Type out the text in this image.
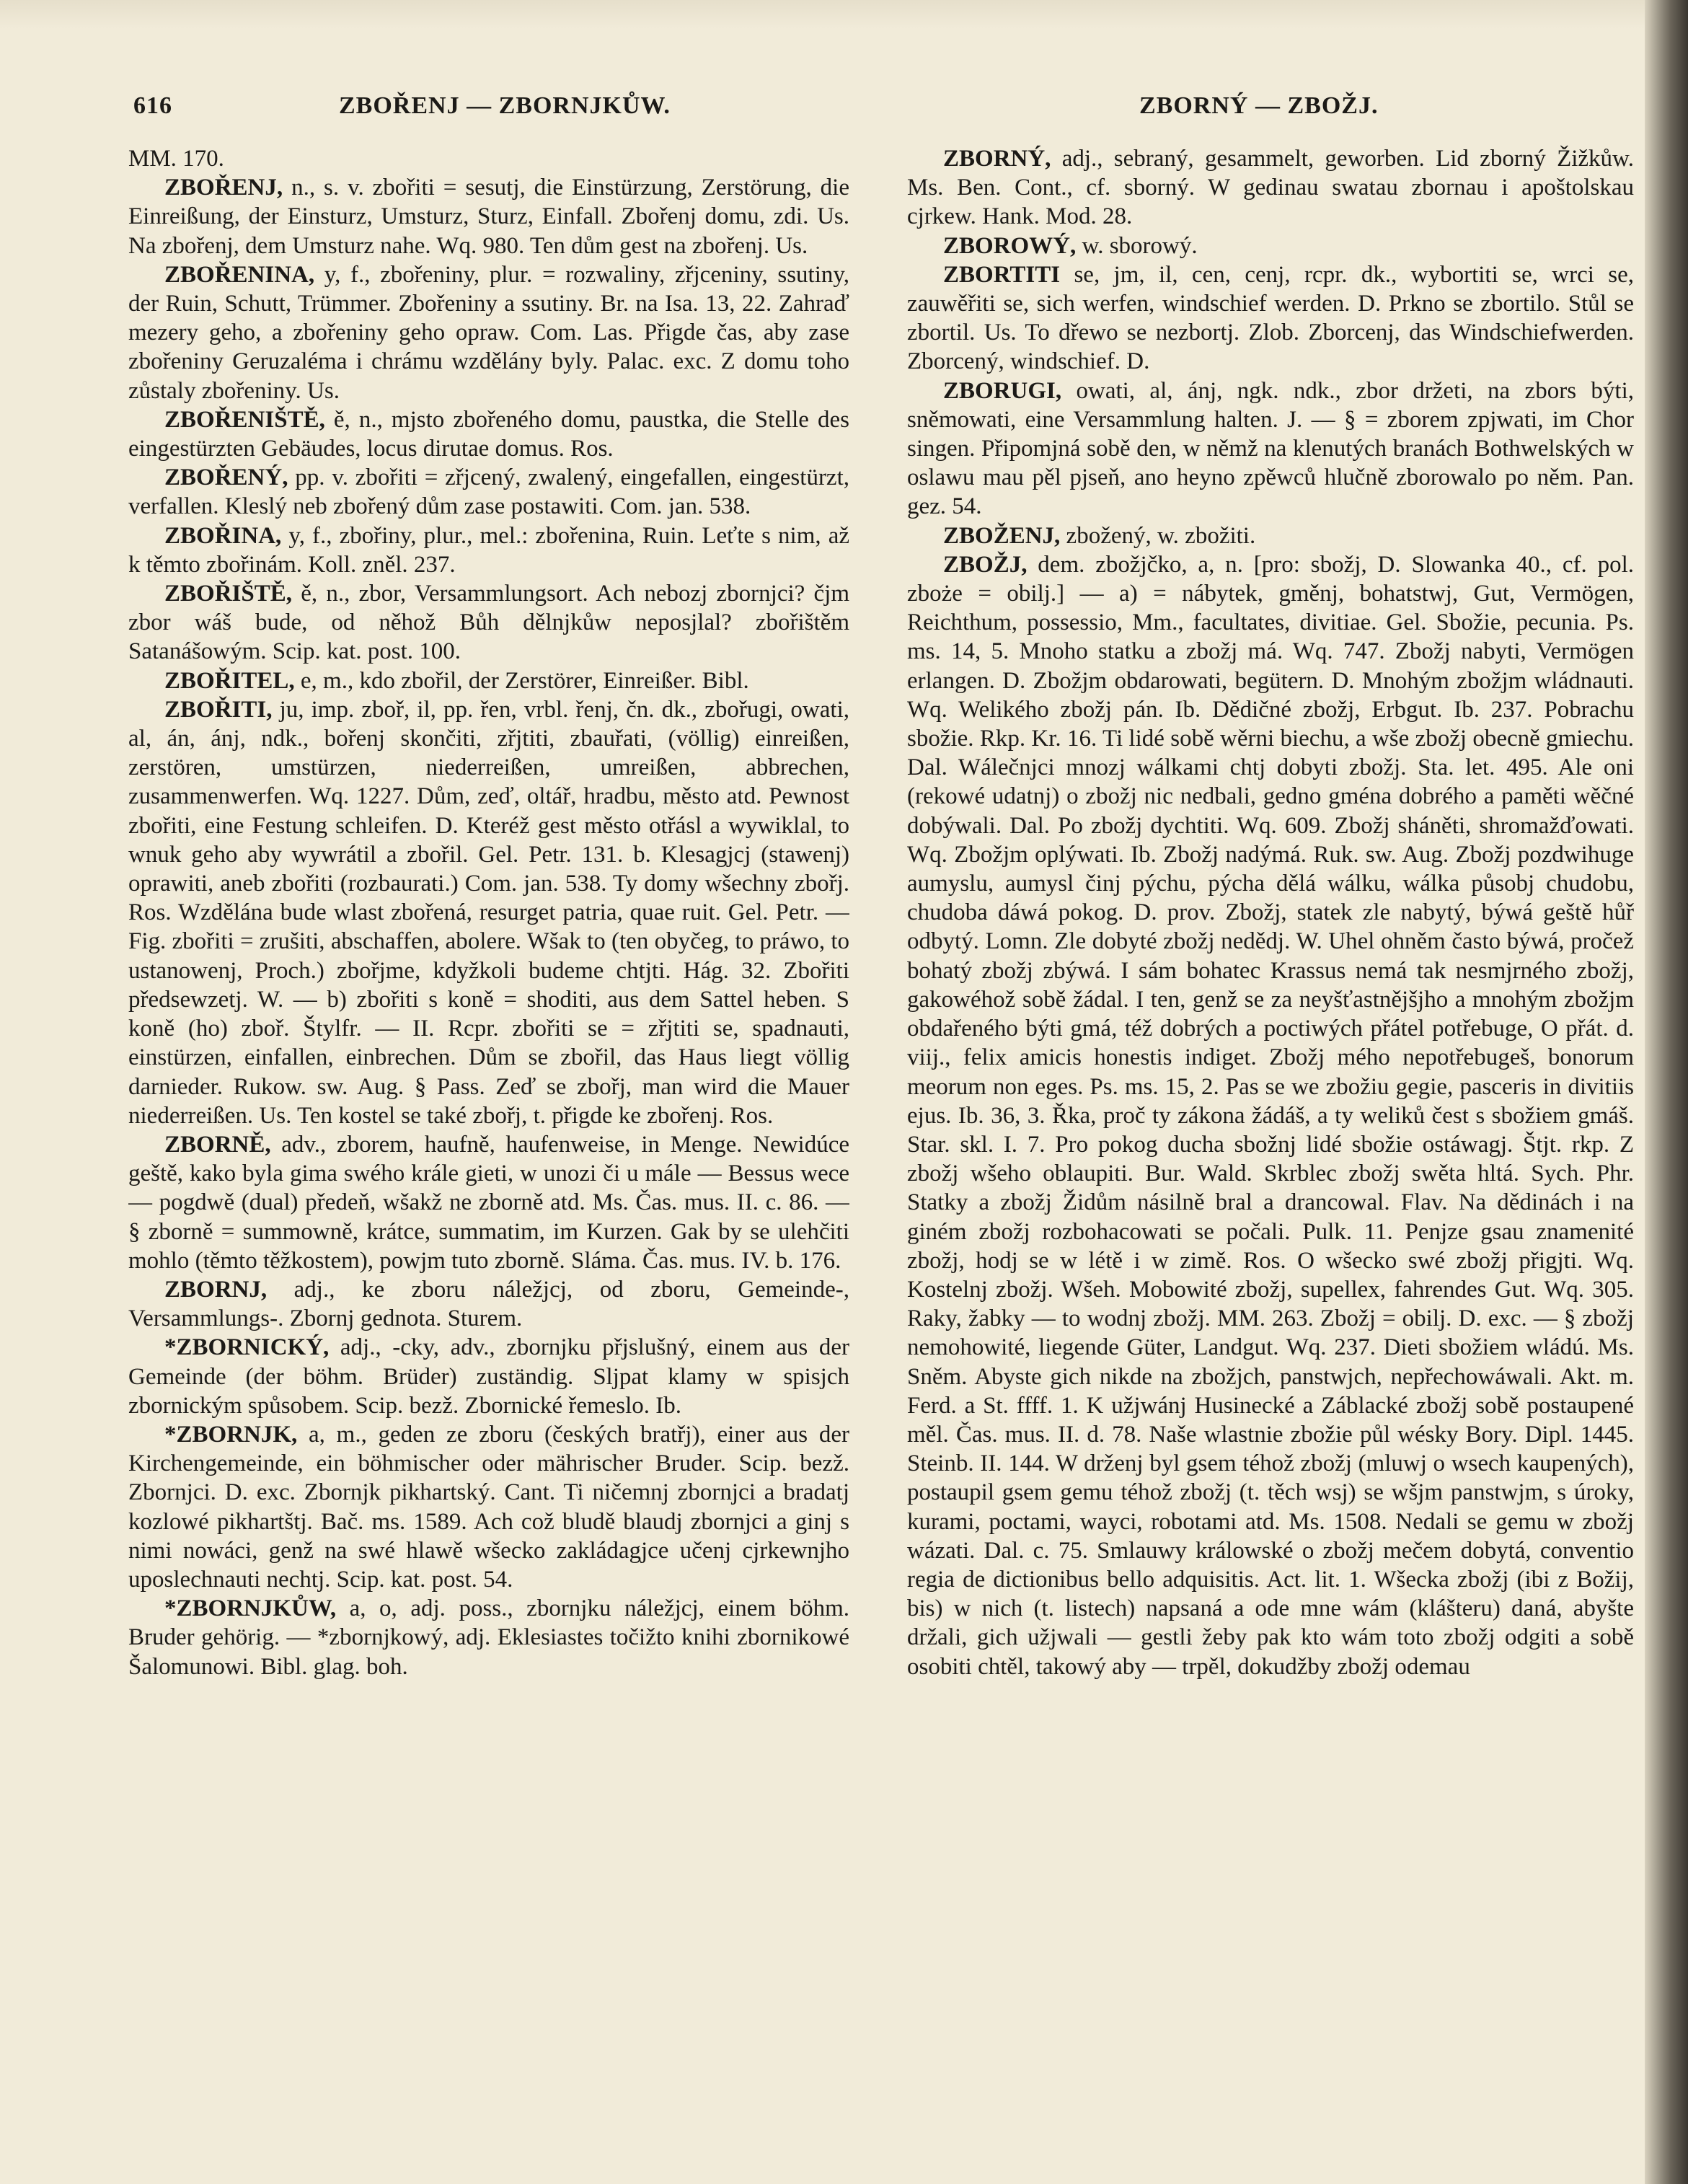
616	ZBOŘENJ — ZBORNJKŮW.	ZBORNÝ — ZBOŽJ.

MM. 170.

ZBOŘENJ, n., s. v. zbořiti = sesutj, die Einstürzung, Zerstörung, die Einreißung, der Einsturz, Umsturz, Sturz, Einfall. Zbořenj domu, zdi. Us. Na zbořenj, dem Umsturz nahe. Wq. 980. Ten dům gest na zbořenj. Us.

ZBOŘENINA, y, f., zbořeniny, plur. = rozwaliny, zřjceniny, ssutiny, der Ruin, Schutt, Trümmer. Zbořeniny a ssutiny. Br. na Isa. 13, 22. Zahraď mezery geho, a zbořeniny geho opraw. Com. Las. Přigde čas, aby zase zbořeniny Geruzaléma i chrámu wzdělány byly. Palac. exc. Z domu toho zůstaly zbořeniny. Us.

ZBOŘENIŠTĚ, ě, n., mjsto zbořeného domu, paustka, die Stelle des eingestürzten Gebäudes, locus dirutae domus. Ros.

ZBOŘENÝ, pp. v. zbořiti = zřjcený, zwalený, eingefallen, eingestürzt, verfallen. Kleslý neb zbořený dům zase postawiti. Com. jan. 538.

ZBOŘINA, y, f., zbořiny, plur., mel.: zbořenina, Ruin. Leťte s nim, až k těmto zbořinám. Koll. zněl. 237.

ZBOŘIŠTĚ, ě, n., zbor, Versammlungsort. Ach nebozj zbornjci? čjm zbor wáš bude, od něhož Bůh dělnjkůw neposjlal? zbořištěm Satanášowým. Scip. kat. post. 100.

ZBOŘITEL, e, m., kdo zbořil, der Zerstörer, Einreißer. Bibl.

ZBOŘITI, ju, imp. zboř, il, pp. řen, vrbl. řenj, čn. dk., zbořugi, owati, al, án, ánj, ndk., bořenj skončiti, zřjtiti, zbauřati, (völlig) einreißen, zerstören, umstürzen, niederreißen, umreißen, abbrechen, zusammenwerfen. Wq. 1227. Dům, zeď, oltář, hradbu, město atd. Pewnost zbořiti, eine Festung schleifen. D. Kteréž gest město otřásl a wywiklal, to wnuk geho aby wywrátil a zbořil. Gel. Petr. 131. b. Klesagjcj (stawenj) oprawiti, aneb zbořiti (rozbaurati.) Com. jan. 538. Ty domy wšechny zbořj. Ros. Wzdělána bude wlast zbořená, resurget patria, quae ruit. Gel. Petr. — Fig. zbořiti = zrušiti, abschaffen, abolere. Wšak to (ten obyčeg, to práwo, to ustanowenj, Proch.) zbořjme, kdyžkoli budeme chtjti. Hág. 32. Zbořiti předsewzetj. W. — b) zbořiti s koně = shoditi, aus dem Sattel heben. S koně (ho) zboř. Štylfr. — II. Rcpr. zbořiti se = zřjtiti se, spadnauti, einstürzen, einfallen, einbrechen. Dům se zbořil, das Haus liegt völlig darnieder. Rukow. sw. Aug. § Pass. Zeď se zbořj, man wird die Mauer niederreißen. Us. Ten kostel se také zbořj, t. přigde ke zbořenj. Ros.

ZBORNĚ, adv., zborem, haufně, haufenweise, in Menge. Newidúce geště, kako byla gima swého krále gieti, w unozi či u mále — Bessus wece — pogdwě (dual) předeň, wšakž ne zborně atd. Ms. Čas. mus. II. c. 86. — § zborně = summowně, krátce, summatim, im Kurzen. Gak by se ulehčiti mohlo (těmto těžkostem), powjm tuto zborně. Sláma. Čas. mus. IV. b. 176.

ZBORNJ, adj., ke zboru náležjcj, od zboru, Gemeinde-, Versammlungs-. Zbornj gednota. Sturem.

*ZBORNICKÝ, adj., -cky, adv., zbornjku přjslušný, einem aus der Gemeinde (der böhm. Brüder) zuständig. Sljpat klamy w spisjch zbornickým spůsobem. Scip. bezž. Zbornické řemeslo. Ib.

*ZBORNJK, a, m., geden ze zboru (českých bratřj), einer aus der Kirchengemeinde, ein böhmischer oder mährischer Bruder. Scip. bezž. Zbornjci. D. exc. Zbornjk pikhartský. Cant. Ti ničemnj zbornjci a bradatj kozlowé pikhartštj. Bač. ms. 1589. Ach což bludě blaudj zbornjci a ginj s nimi nowáci, genž na swé hlawě wšecko zakládagjce učenj cjrkewnjho uposlechnauti nechtj. Scip. kat. post. 54.

*ZBORNJKŮW, a, o, adj. poss., zbornjku náležjcj, einem böhm. Bruder gehörig. — *zbornjkowý, adj. Eklesiastes točižto knihi zbornikowé Šalomunowi. Bibl. glag. boh.

ZBORNÝ, adj., sebraný, gesammelt, geworben. Lid zborný Žižkůw. Ms. Ben. Cont., cf. sborný. W gedinau swatau zbornau i apoštolskau cjrkew. Hank. Mod. 28.

ZBOROWÝ, w. sborowý.

ZBORTITI se, jm, il, cen, cenj, rcpr. dk., wybortiti se, wrci se, zauwěřiti se, sich werfen, windschief werden. D. Prkno se zbortilo. Stůl se zbortil. Us. To dřewo se nezbortj. Zlob. Zborcenj, das Windschiefwerden. Zborcený, windschief. D.

ZBORUGI, owati, al, ánj, ngk. ndk., zbor držeti, na zbors býti, sněmowati, eine Versammlung halten. J. — § = zborem zpjwati, im Chor singen. Připomjná sobě den, w němž na klenutých branách Bothwelských w oslawu mau pěl pjseň, ano heyno zpěwců hlučně zborowalo po něm. Pan. gez. 54.

ZBOŽENJ, zbožený, w. zbožiti.

ZBOŽJ, dem. zbožjčko, a, n. [pro: sbožj, D. Slowanka 40., cf. pol. zboże = obilj.] — a) = nábytek, gměnj, bohatstwj, Gut, Vermögen, Reichthum, possessio, Mm., facultates, divitiae. Gel. Sbožie, pecunia. Ps. ms. 14, 5. Mnoho statku a zbožj má. Wq. 747. Zbožj nabyti, Vermögen erlangen. D. Zbožjm obdarowati, begütern. D. Mnohým zbožjm wládnauti. Wq. Welikého zbožj pán. Ib. Dědičné zbožj, Erbgut. Ib. 237. Pobrachu sbožie. Rkp. Kr. 16. Ti lidé sobě wěrni biechu, a wše zbožj obecně gmiechu. Dal. Wálečnjci mnozj wálkami chtj dobyti zbožj. Sta. let. 495. Ale oni (rekowé udatnj) o zbožj nic nedbali, gedno gména dobrého a paměti wěčné dobýwali. Dal. Po zbožj dychtiti. Wq. 609. Zbožj sháněti, shromažďowati. Wq. Zbožjm oplýwati. Ib. Zbožj nadýmá. Ruk. sw. Aug. Zbožj pozdwihuge aumyslu, aumysl činj pýchu, pýcha dělá wálku, wálka působj chudobu, chudoba dáwá pokog. D. prov. Zbožj, statek zle nabytý, býwá geště hůř odbytý. Lomn. Zle dobyté zbožj nedědj. W. Uhel ohněm často býwá, pročež bohatý zbožj zbýwá. I sám bohatec Krassus nemá tak nesmjrného zbožj, gakowéhož sobě žádal. I ten, genž se za neyšťastnějšjho a mnohým zbožjm obdařeného býti gmá, též dobrých a poctiwých přátel potřebuge, O přát. d. viij., felix amicis honestis indiget. Zbožj mého nepotřebugeš, bonorum meorum non eges. Ps. ms. 15, 2. Pas se we zbožiu gegie, pasceris in divitiis ejus. Ib. 36, 3. Řka, proč ty zákona žádáš, a ty weliků čest s sbožiem gmáš. Star. skl. I. 7. Pro pokog ducha sbožnj lidé sbožie ostáwagj. Štjt. rkp. Z zbožj wšeho oblaupiti. Bur. Wald. Skrblec zbožj swěta hltá. Sych. Phr. Statky a zbožj Židům násilně bral a drancowal. Flav. Na dědinách i na giném zbožj rozbohacowati se počali. Pulk. 11. Penjze gsau znamenité zbožj, hodj se w létě i w zimě. Ros. O wšecko swé zbožj přigjti. Wq. Kostelnj zbožj. Wšeh. Mobowité zbožj, supellex, fahrendes Gut. Wq. 305. Raky, žabky — to wodnj zbožj. MM. 263. Zbožj = obilj. D. exc. — § zbožj nemohowité, liegende Güter, Landgut. Wq. 237. Dieti sbožiem wládú. Ms. Sněm. Abyste gich nikde na zbožjch, panstwjch, nepřechowáwali. Akt. m. Ferd. a St. ffff. 1. K užjwánj Husinecké a Záblacké zbožj sobě postaupené měl. Čas. mus. II. d. 78. Naše wlastnie zbožie půl wésky Bory. Dipl. 1445. Steinb. II. 144. W drženj byl gsem téhož zbožj (mluwj o wsech kaupených), postaupil gsem gemu téhož zbožj (t. těch wsj) se wšjm panstwjm, s úroky, kurami, poctami, wayci, robotami atd. Ms. 1508. Nedali se gemu w zbožj wázati. Dal. c. 75. Smlauwy králowské o zbožj mečem dobytá, conventio regia de dictionibus bello adquisitis. Act. lit. 1. Wšecka zbožj (ibi z Božij, bis) w nich (t. listech) napsaná a ode mne wám (klášteru) daná, abyšte držali, gich užjwali — gestli žeby pak kto wám toto zbožj odgiti a sobě osobiti chtěl, takowý aby — trpěl, dokudžby zbožj odemau
